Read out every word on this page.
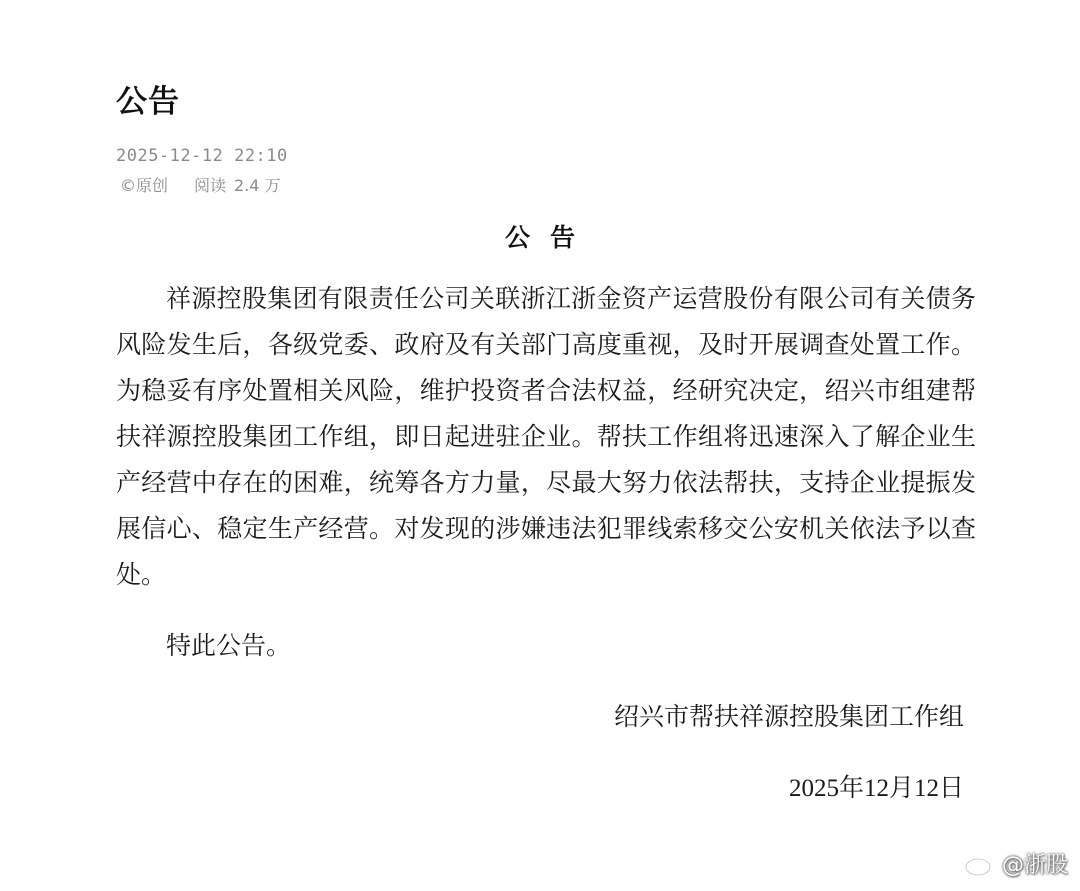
公告
2025-12-12 22:10
©原创 阅读 2.4 万
公告

祥源控股集团有限责任公司关联浙江浙金资产运营股份有限公司有关债务风险发生后，各级党委、政府及有关部门高度重视，及时开展调查处置工作。为稳妥有序处置相关风险，维护投资者合法权益，经研究决定，绍兴市组建帮扶祥源控股集团工作组，即日起进驻企业。帮扶工作组将迅速深入了解企业生产经营中存在的困难，统筹各方力量，尽最大努力依法帮扶，支持企业提振发展信心、稳定生产经营。对发现的涉嫌违法犯罪线索移交公安机关依法予以查处。

特此公告。
绍兴市帮扶祥源控股集团工作组
2025年12月12日
@浙股
